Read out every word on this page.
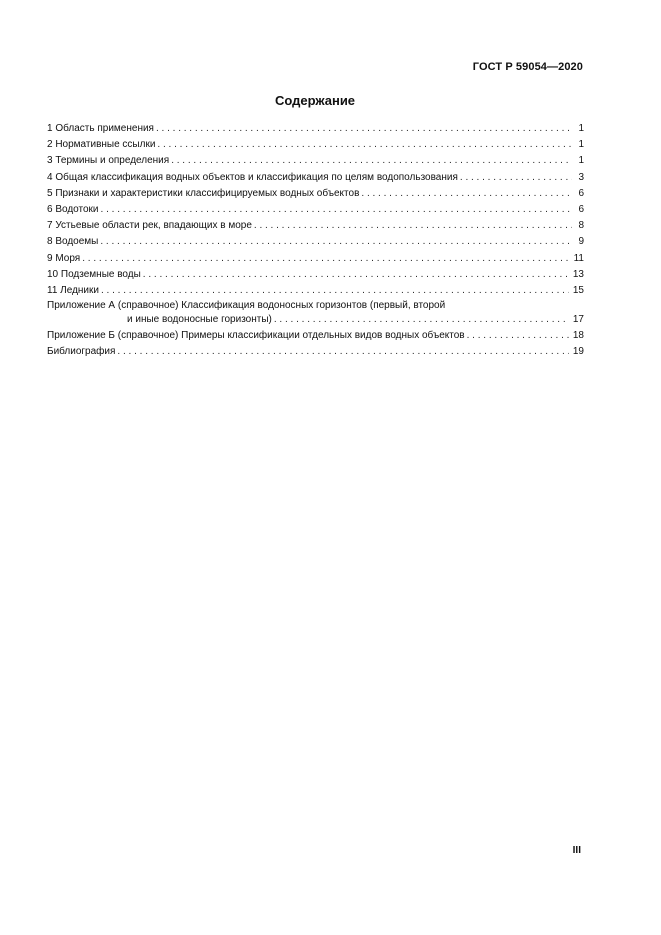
ГОСТ Р 59054—2020
Содержание
1 Область применения . . .	1
2 Нормативные ссылки . . .	1
3 Термины и определения . . .	1
4 Общая классификация водных объектов и классификация по целям водопользования . . .	3
5 Признаки и характеристики классифицируемых водных объектов . . .	6
6 Водотоки . . .	6
7 Устьевые области рек, впадающих в море . . .	8
8 Водоемы . . .	9
9 Моря . . .	11
10 Подземные воды . . .	13
11 Ледники . . .	15
Приложение А (справочное) Классификация водоносных горизонтов (первый, второй
и иные водоносные горизонты) . . .	17
Приложение Б (справочное) Примеры классификации отдельных видов водных объектов . . .	18
Библиография . . .	19
III
